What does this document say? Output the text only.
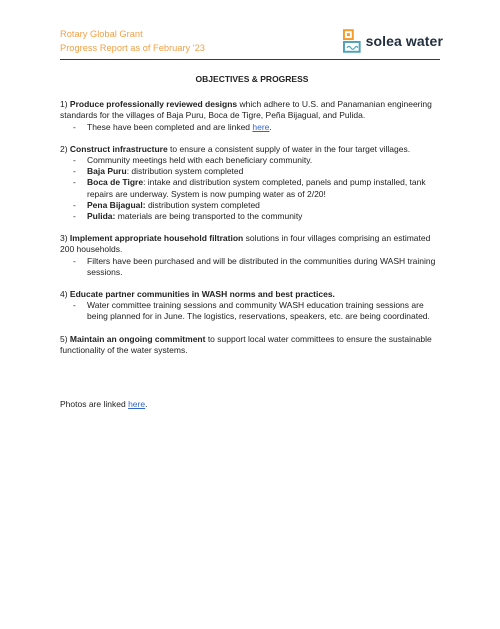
Rotary Global Grant
Progress Report as of February '23	solea water
OBJECTIVES & PROGRESS

1) Produce professionally reviewed designs which adhere to U.S. and Panamanian engineering standards for the villages of Baja Puru, Boca de Tigre, Peña Bijagual, and Pulida.

- These have been completed and are linked here.

2) Construct infrastructure to ensure a consistent supply of water in the four target villages.

- Community meetings held with each beneficiary community.
- Baja Puru: distribution system completed
- Boca de Tigre: intake and distribution system completed, panels and pump installed, tank repairs are underway. System is now pumping water as of 2/20!
- Pena Bijagual: distribution system completed
- Pulida: materials are being transported to the community

3) Implement appropriate household filtration solutions in four villages comprising an estimated 200 households.

- Filters have been purchased and will be distributed in the communities during WASH training sessions.

4) Educate partner communities in WASH norms and best practices.

- Water committee training sessions and community WASH education training sessions are being planned for in June. The logistics, reservations, speakers, etc. are being coordinated.

5) Maintain an ongoing commitment to support local water committees to ensure the sustainable functionality of the water systems.

Photos are linked here.
